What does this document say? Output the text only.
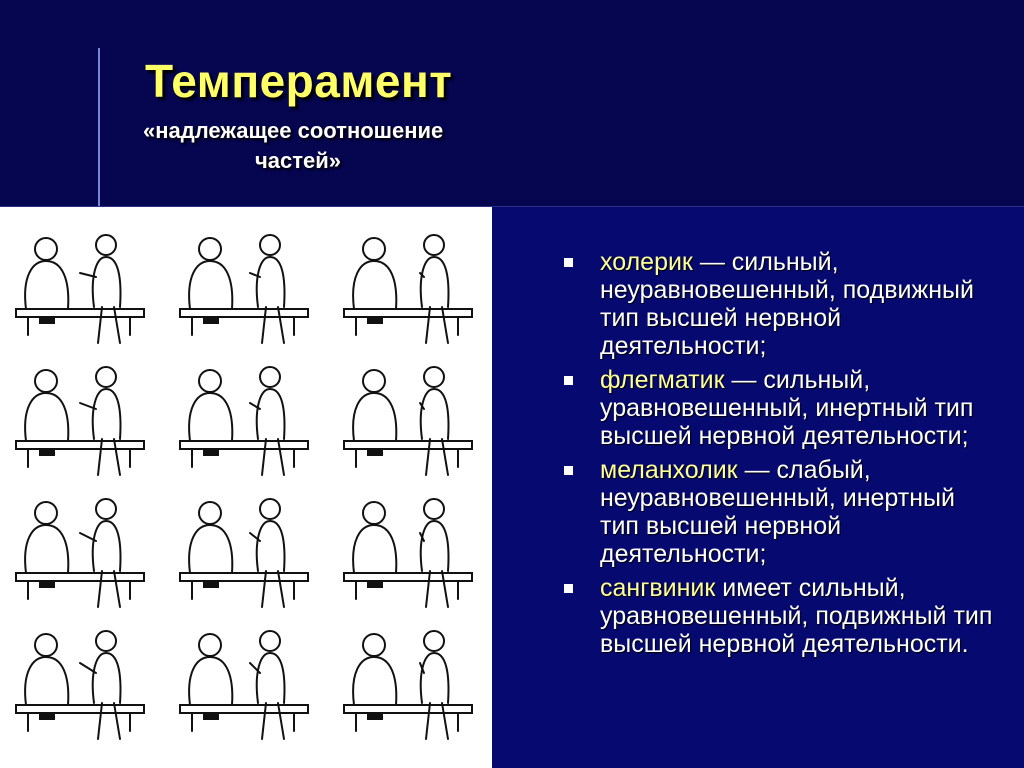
Темперамент
«надлежащее соотношение
частей»
холерик — сильный, неуравновешенный, подвижный тип высшей нервной деятельности;
флегматик — сильный, уравновешенный, инертный тип высшей нервной деятельности;
меланхолик — слабый, неуравновешенный, инертный тип высшей нервной деятельности;
сангвиник имеет сильный, уравновешенный, подвижный тип высшей нервной деятельности.
